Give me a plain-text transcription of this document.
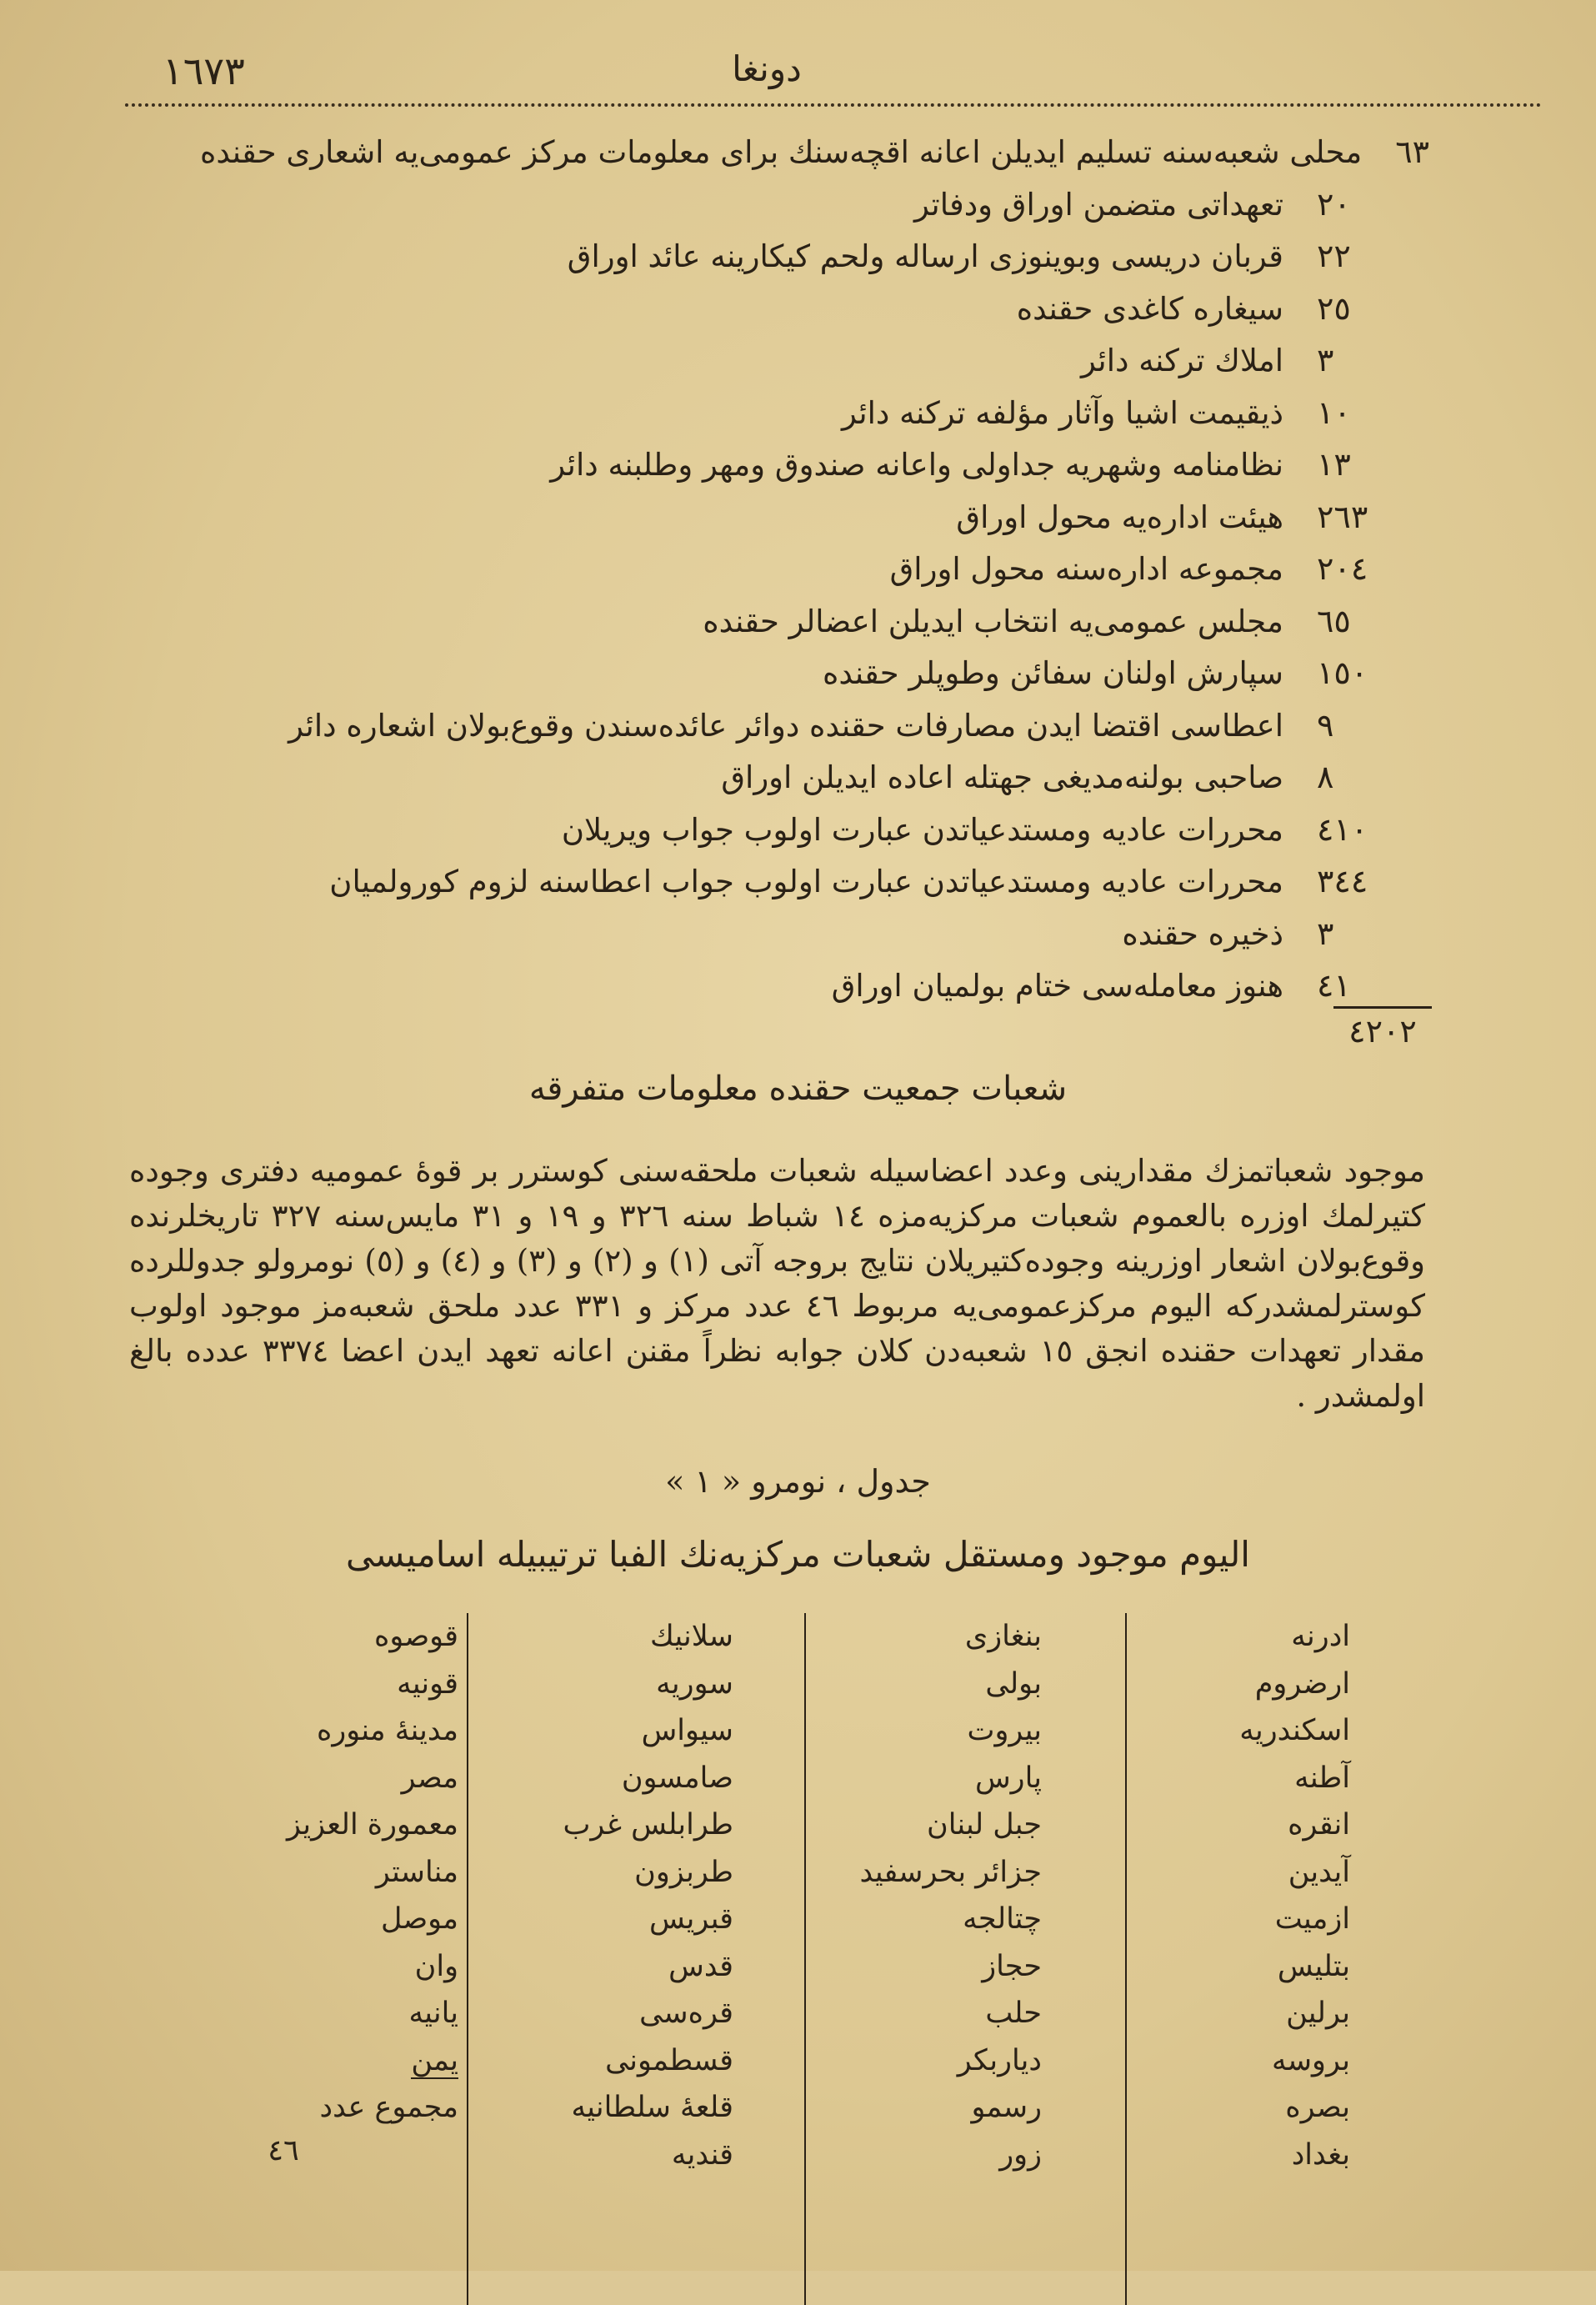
١٦٧٣	دونغا
٦٣
محلی شعبه‌سنه تسلیم ایدیلن اعانه اقچه‌سنك برای معلومات مرکز عمومی‌یه اشعاری حقنده
٢٠
تعهداتی متضمن اوراق ودفاتر
٢٢
قربان دریسی وبوینوزی ارساله ولحم کیکارینه عائد اوراق
٢٥
سیغاره کاغدی حقنده
٣
املاك ترکنه دائر
١٠
ذیقیمت اشیا وآثار مؤلفه ترکنه دائر
١٣
نظامنامه وشهریه جداولی واعانه صندوق ومهر وطلبنه دائر
٢٦٣
هیئت اداره‌یه محول اوراق
٢٠٤
مجموعه اداره‌سنه محول اوراق
٦٥
مجلس عمومی‌یه انتخاب ایدیلن اعضالر حقنده
١٥٠
سپارش اولنان سفائن وطوپلر حقنده
٩
اعطاسی اقتضا ایدن مصارفات حقنده دوائر عائده‌سندن وقوع‌بولان اشعاره دائر
٨
صاحبی بولنه‌مدیغی جهتله اعاده ایدیلن اوراق
٤١٠
محررات عادیه ومستدعیاتدن عبارت اولوب جواب ویریلان
٣٤٤
محررات عادیه ومستدعیاتدن عبارت اولوب جواب اعطاسنه لزوم کورولمیان
٣
ذخیره حقنده
٤١
هنوز معامله‌سی ختام بولمیان اوراق
٤٢٠٢
شعبات جمعیت حقنده معلومات متفرقه
موجود شعباتمزك مقدارینی وعدد اعضاسیله شعبات ملحقه‌سنی کوسترر بر قوهٔ عمومیه دفتری وجوده کتیرلمك اوزره بالعموم شعبات مرکزیه‌مزه ١٤ شباط سنه ٣٢٦ و ١٩ و ٣١ مایس‌سنه ٣٢٧ تاریخلرنده وقوع‌بولان اشعار اوزرینه وجوده‌کتیریلان نتایج بروجه آتی (١) و (٢) و (٣) و (٤) و (٥) نومرولو جدوللرده کوسترلمشدرکه الیوم مرکزعمومی‌یه مربوط ٤٦ عدد مرکز و ٣٣١ عدد ملحق شعبه‌مز موجود اولوب مقدار تعهدات حقنده انجق ١٥ شعبه‌دن کلان جوابه نظراً مقنن اعانه تعهد ایدن اعضا ٣٣٧٤ عدده بالغ اولمشدر .
جدول ، نومرو « ١ »
الیوم موجود ومستقل شعبات مرکزیه‌نك الفبا ترتیبیله اسامیسی
ادرنه
ارضروم
اسکندریه
آطنه
انقره
آیدین
ازمیت
بتلیس
برلین
بروسه
بصره
بغداد
بنغازی
بولی
بیروت
پارس
جبل لبنان
جزائر بحرسفید
چتالجه
حجاز
حلب
دیاربکر
رسمو
زور
سلانیك
سوریه
سیواس
صامسون
طرابلس غرب
طربزون
قبریس
قدس
قره‌سی
قسطمونی
قلعهٔ سلطانیه
قندیه
قوصوه
قونیه
مدینهٔ منوره
مصر
معمورة العزیز
مناستر
موصل
وان
یانیه
یمن
مجموع عدد
٤٦
